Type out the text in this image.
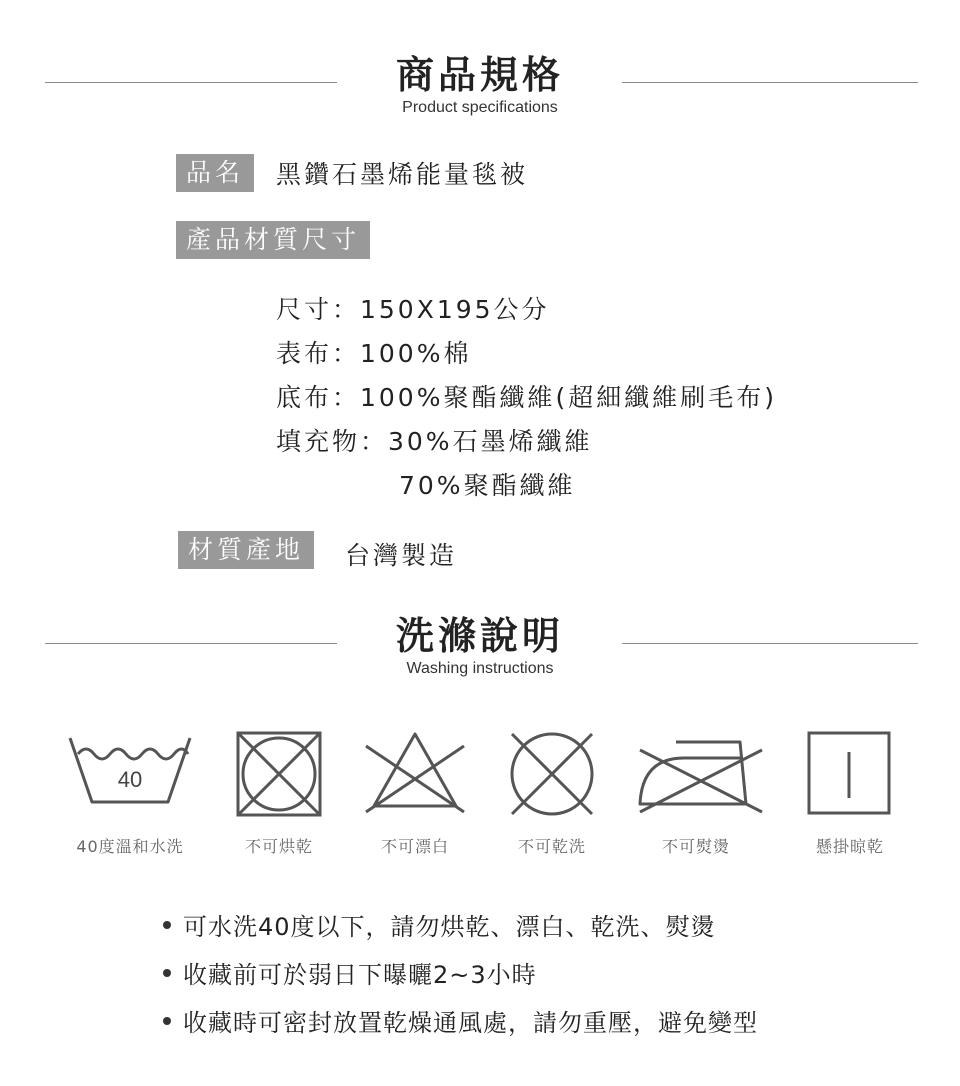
商品規格
Product specifications
品名	黑鑽石墨烯能量毯被
產品材質尺寸
尺寸：150X195公分
表布：100%棉
底布：100%聚酯纖維(超細纖維刷毛布)
填充物：30%石墨烯纖維
70%聚酯纖維
材質產地	台灣製造
洗滌說明
Washing instructions
40
40度溫和水洗	不可烘乾	不可漂白	不可乾洗	不可熨燙	懸掛晾乾
可水洗40度以下，請勿烘乾、漂白、乾洗、熨燙
收藏前可於弱日下曝曬2~3小時
收藏時可密封放置乾燥通風處，請勿重壓，避免變型
